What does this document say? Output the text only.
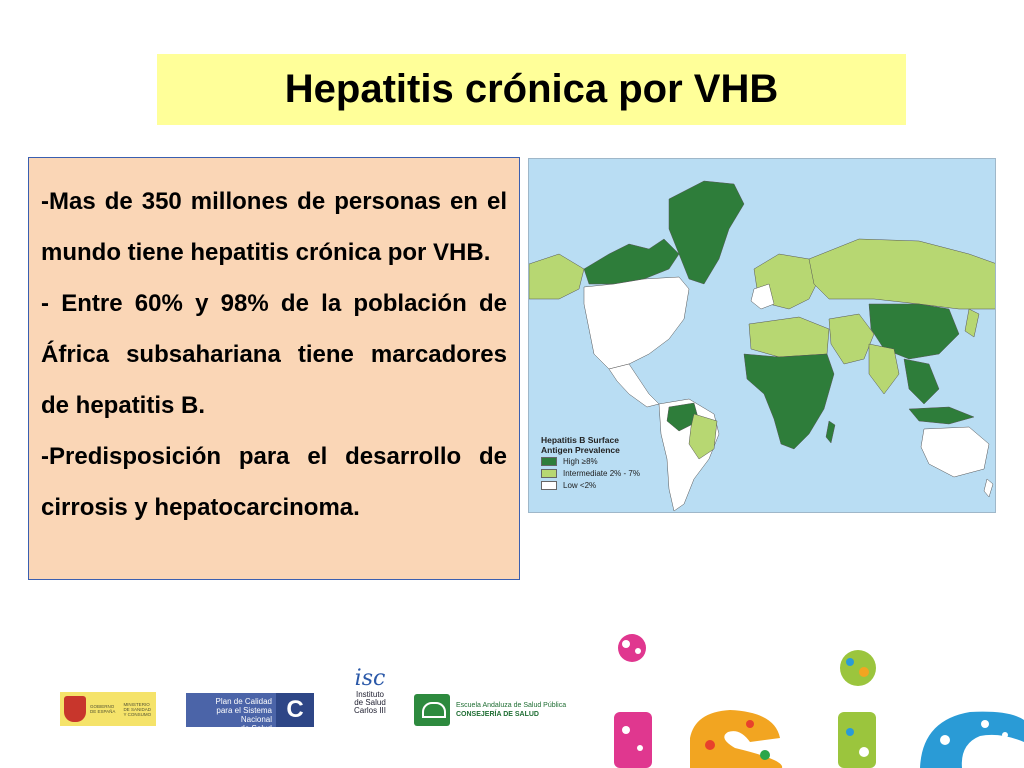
Hepatitis crónica por VHB

-Mas de 350 millones de personas en el mundo tiene hepatitis crónica por VHB.

- Entre 60% y 98% de la población de África subsahariana tiene marcadores de hepatitis B.

-Predisposición para el desarrollo de cirrosis y hepatocarcinoma.

Hepatitis B Surface
Antigen Prevalence
High ≥8%
Intermediate 2% - 7%
Low <2%
GOBIERNO
DE ESPAÑA
MINISTERIO
DE SANIDAD
Y CONSUMO
Plan de Calidad
para el Sistema Nacional
de Salud
C
isc
Instituto
de Salud
Carlos III
Escuela Andaluza de Salud Pública
CONSEJERÍA DE SALUD
